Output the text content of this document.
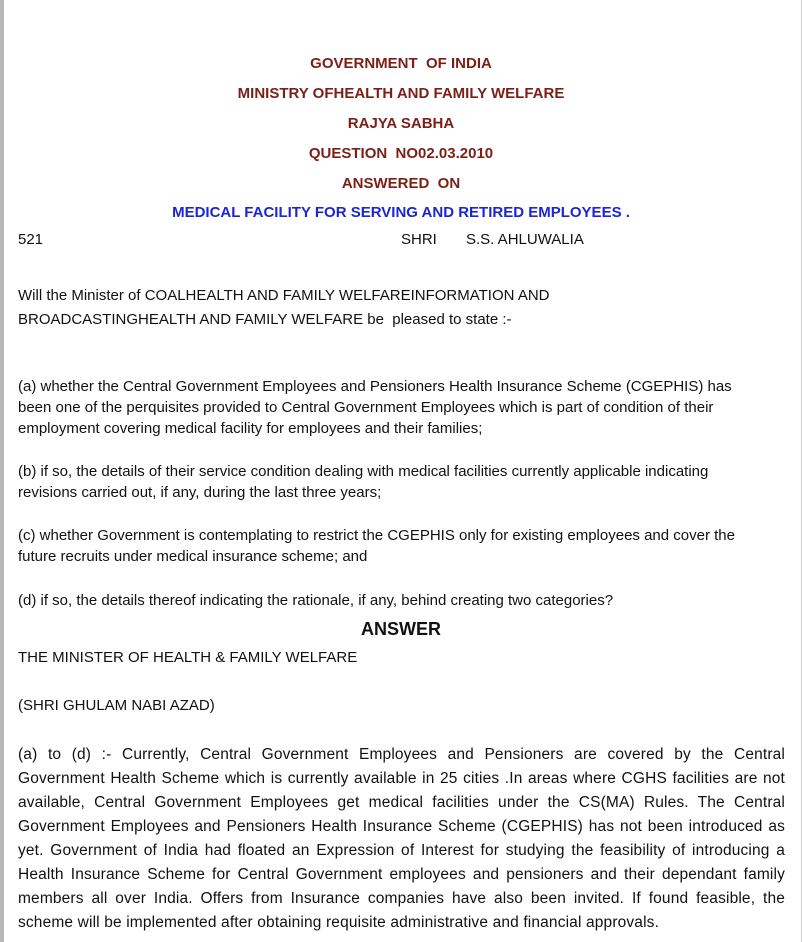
GOVERNMENT  OF INDIA
MINISTRY OFHEALTH AND FAMILY WELFARE
RAJYA SABHA
QUESTION  NO02.03.2010
ANSWERED  ON
MEDICAL FACILITY FOR SERVING AND RETIRED EMPLOYEES .
521	SHRI S.S. AHLUWALIA
Will the Minister of COALHEALTH AND FAMILY WELFAREINFORMATION AND
BROADCASTINGHEALTH AND FAMILY WELFARE be  pleased to state :-
(a) whether the Central Government Employees and Pensioners Health Insurance Scheme (CGEPHIS) has
been one of the perquisites provided to Central Government Employees which is part of condition of their
employment covering medical facility for employees and their families;
(b) if so, the details of their service condition dealing with medical facilities currently applicable indicating
revisions carried out, if any, during the last three years;
(c) whether Government is contemplating to restrict the CGEPHIS only for existing employees and cover the
future recruits under medical insurance scheme; and
(d) if so, the details thereof indicating the rationale, if any, behind creating two categories?
ANSWER
THE MINISTER OF HEALTH & FAMILY WELFARE
(SHRI GHULAM NABI AZAD)
(a) to (d) :- Currently, Central Government Employees and Pensioners are covered by the Central Government Health Scheme which is currently available in 25 cities .In areas where CGHS facilities are not available, Central Government Employees get medical facilities under the CS(MA) Rules. The Central Government Employees and Pensioners Health Insurance Scheme (CGEPHIS) has not been introduced as yet. Government of India had floated an Expression of Interest for studying the feasibility of introducing a Health Insurance Scheme for Central Government employees and pensioners and their dependant family members all over India. Offers from Insurance companies have also been invited. If found feasible, the scheme will be implemented after obtaining requisite administrative and financial approvals.
